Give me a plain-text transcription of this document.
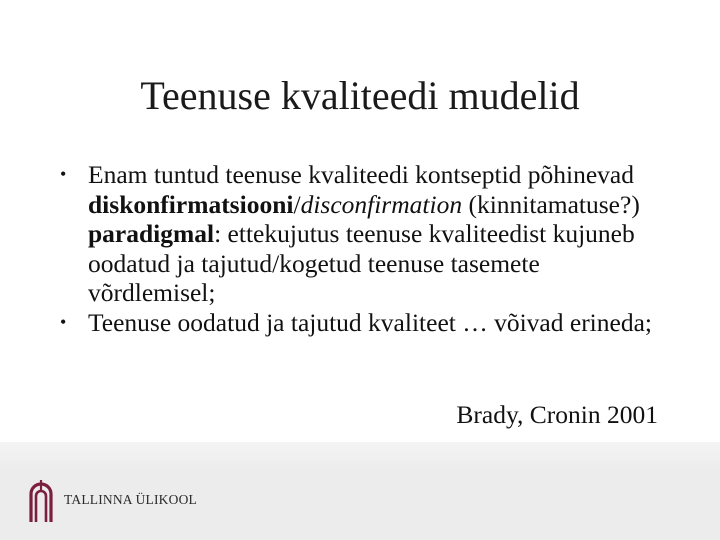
Teenuse kvaliteedi mudelid
• Enam tuntud teenuse kvaliteedi kontseptid põhinevad diskonfirmatsiooni/disconfirmation (kinnitamatuse?) paradigmal: ettekujutus teenuse kvaliteedist kujuneb oodatud ja tajutud/kogetud teenuse tasemete võrdlemisel;
• Teenuse oodatud ja tajutud kvaliteet … võivad erineda;
Brady, Cronin 2001
TALLINNA ÜLIKOOL
